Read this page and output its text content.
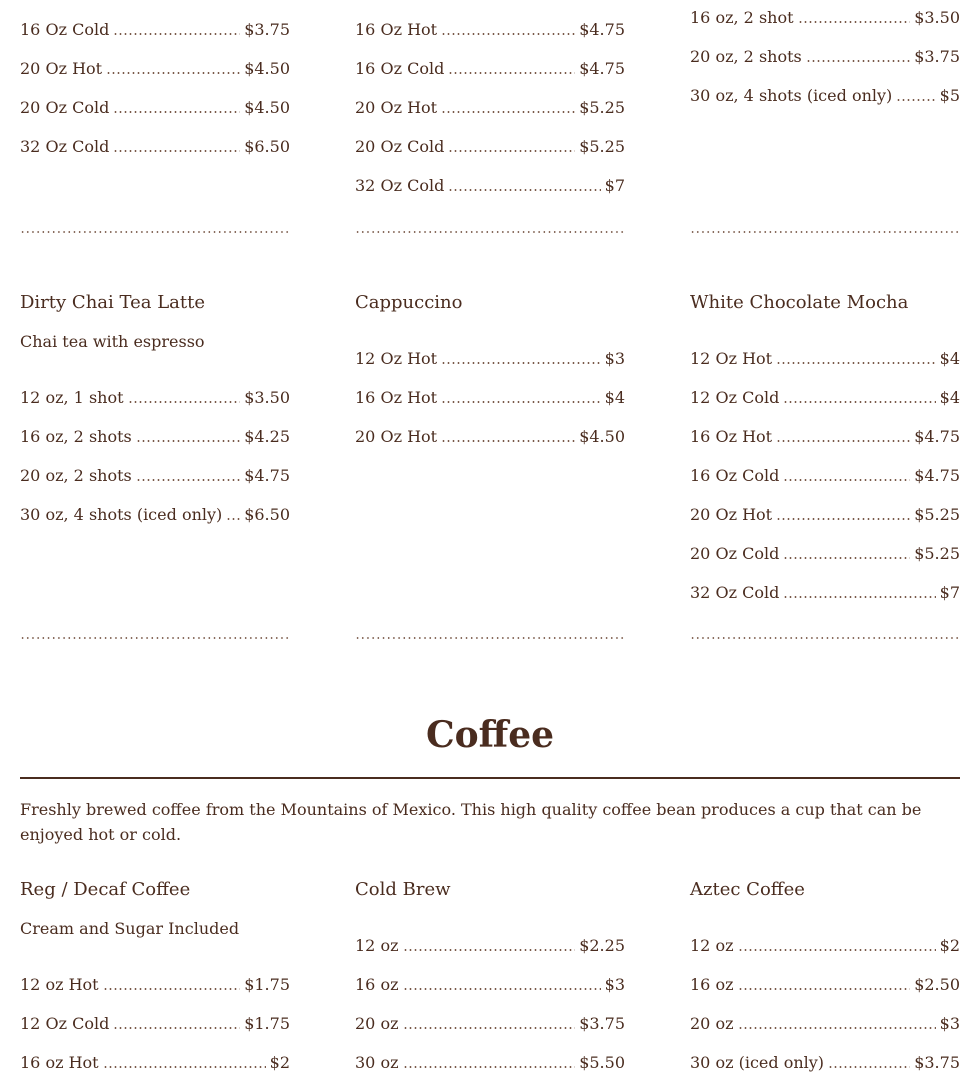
16 Oz Cold	$3.75
20 Oz Hot	$4.50
20 Oz Cold	$4.50
32 Oz Cold	$6.50
16 Oz Hot	$4.75
16 Oz Cold	$4.75
20 Oz Hot	$5.25
20 Oz Cold	$5.25
32 Oz Cold	$7
16 oz, 2 shot	$3.50
20 oz, 2 shots	$3.75
30 oz, 4 shots (iced only)	$5
Dirty Chai Tea Latte
Chai tea with espresso
12 oz, 1 shot	$3.50
16 oz, 2 shots	$4.25
20 oz, 2 shots	$4.75
30 oz, 4 shots (iced only) $6.50
Cappuccino
12 Oz Hot	$3
16 Oz Hot	$4
20 Oz Hot	$4.50
White Chocolate Mocha
12 Oz Hot	$4
12 Oz Cold	$4
16 Oz Hot	$4.75
16 Oz Cold	$4.75
20 Oz Hot	$5.25
20 Oz Cold	$5.25
32 Oz Cold	$7
Coffee
Freshly brewed coffee from the Mountains of Mexico. This high quality coffee bean produces a cup that can be enjoyed hot or cold.
Reg / Decaf Coffee
Cream and Sugar Included
12 oz Hot	$1.75
12 Oz Cold	$1.75
16 oz Hot	$2
Cold Brew
12 oz	$2.25
16 oz	$3
20 oz	$3.75
30 oz	$5.50
Aztec Coffee
12 oz	$2
16 oz	$2.50
20 oz	$3
30 oz (iced only)	$3.75
